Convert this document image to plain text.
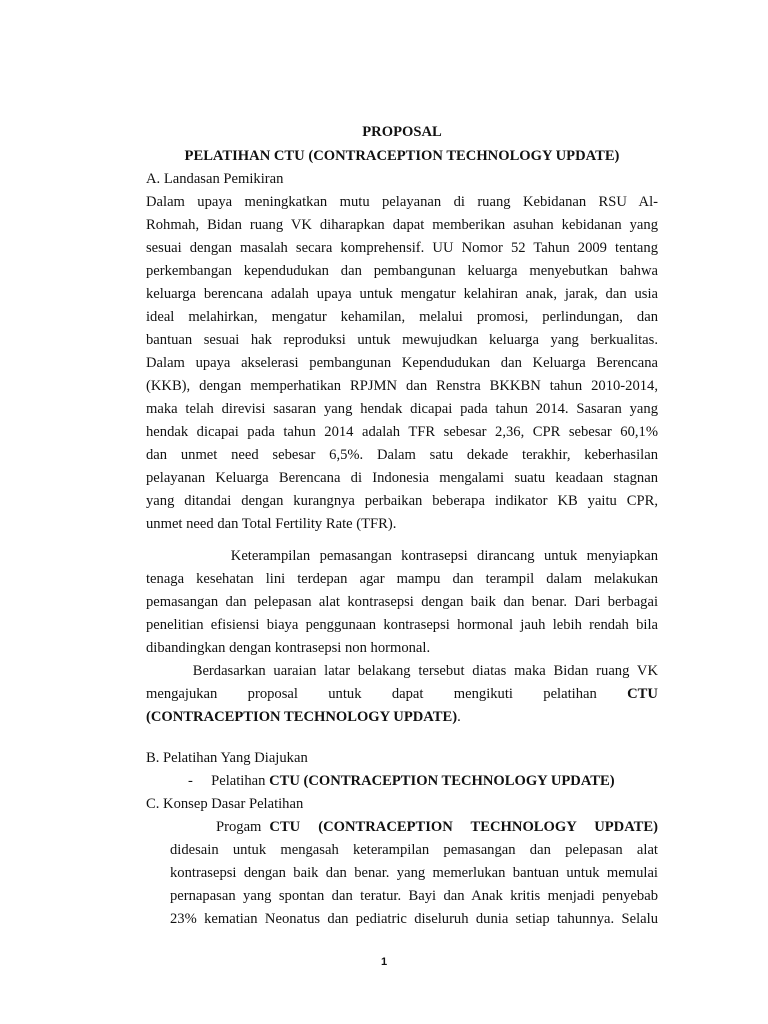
PROPOSAL

PELATIHAN CTU (CONTRACEPTION TECHNOLOGY UPDATE)

A. Landasan Pemikiran

Dalam upaya meningkatkan mutu pelayanan di ruang Kebidanan RSU Al-

Rohmah, Bidan ruang VK diharapkan dapat memberikan asuhan kebidanan yang

sesuai dengan masalah secara komprehensif. UU Nomor 52 Tahun 2009 tentang

perkembangan kependudukan dan pembangunan keluarga menyebutkan bahwa

keluarga berencana adalah upaya untuk mengatur kelahiran anak, jarak, dan usia

ideal melahirkan, mengatur kehamilan, melalui promosi, perlindungan, dan

bantuan sesuai hak reproduksi untuk mewujudkan keluarga yang berkualitas.

Dalam upaya akselerasi pembangunan Kependudukan dan Keluarga Berencana

(KKB), dengan memperhatikan RPJMN dan Renstra BKKBN tahun 2010-2014,

maka telah direvisi sasaran yang hendak dicapai pada tahun 2014. Sasaran yang

hendak dicapai pada tahun 2014 adalah TFR sebesar 2,36, CPR sebesar 60,1%

dan unmet need sebesar 6,5%. Dalam satu dekade terakhir, keberhasilan

pelayanan Keluarga Berencana di Indonesia mengalami suatu keadaan stagnan

yang ditandai dengan kurangnya perbaikan beberapa indikator KB yaitu CPR,

unmet need dan Total Fertility Rate (TFR).

Keterampilan pemasangan kontrasepsi dirancang untuk menyiapkan

tenaga kesehatan lini terdepan agar mampu dan terampil dalam melakukan

pemasangan dan pelepasan alat kontrasepsi dengan baik dan benar. Dari berbagai

penelitian efisiensi biaya penggunaan kontrasepsi hormonal jauh lebih rendah bila

dibandingkan dengan kontrasepsi non hormonal.

Berdasarkan uaraian latar belakang tersebut diatas maka Bidan ruang VK

mengajukan proposal untuk dapat mengikuti pelatihan CTU

(CONTRACEPTION TECHNOLOGY UPDATE).

B. Pelatihan Yang Diajukan

-     Pelatihan CTU (CONTRACEPTION TECHNOLOGY UPDATE)

C. Konsep Dasar Pelatihan

Progam CTU (CONTRACEPTION TECHNOLOGY UPDATE)

didesain untuk mengasah keterampilan pemasangan dan pelepasan alat

kontrasepsi dengan baik dan benar. yang memerlukan bantuan untuk memulai

pernapasan yang spontan dan teratur. Bayi dan Anak kritis menjadi penyebab

23% kematian Neonatus dan pediatric diseluruh dunia setiap tahunnya. Selalu

1
